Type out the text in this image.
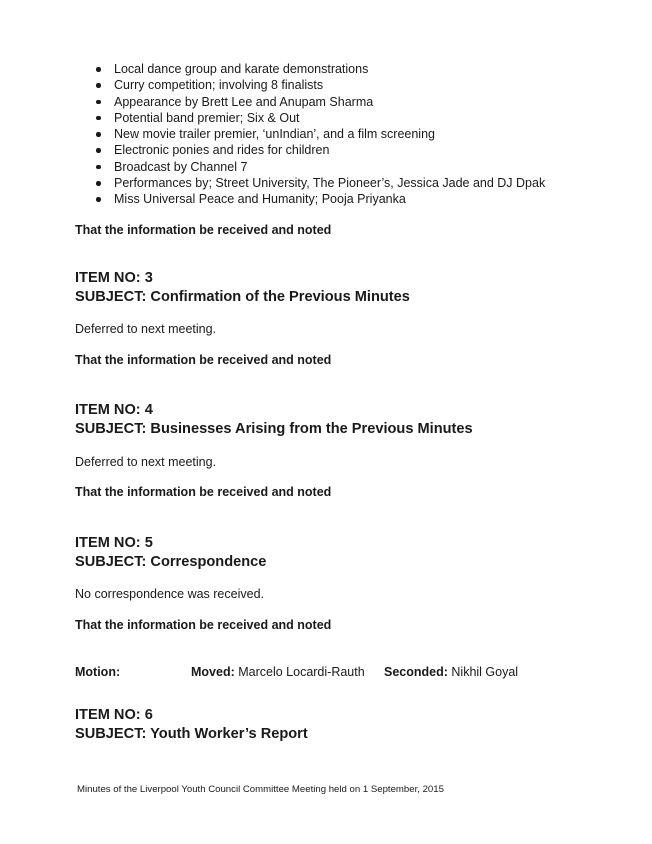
Local dance group and karate demonstrations
Curry competition; involving 8 finalists
Appearance by Brett Lee and Anupam Sharma
Potential band premier; Six & Out
New movie trailer premier, ‘unIndian’, and a film screening
Electronic ponies and rides for children
Broadcast by Channel 7
Performances by; Street University, The Pioneer’s, Jessica Jade and DJ Dpak
Miss Universal Peace and Humanity; Pooja Priyanka
That the information be received and noted
ITEM NO: 3
SUBJECT: Confirmation of the Previous Minutes
Deferred to next meeting.
That the information be received and noted
ITEM NO: 4
SUBJECT: Businesses Arising from the Previous Minutes
Deferred to next meeting.
That the information be received and noted
ITEM NO: 5
SUBJECT: Correspondence
No correspondence was received.
That the information be received and noted
Motion:	Moved: Marcelo Locardi-Rauth Seconded: Nikhil Goyal
ITEM NO: 6
SUBJECT: Youth Worker’s Report
Minutes of the Liverpool Youth Council Committee Meeting held on 1 September, 2015
